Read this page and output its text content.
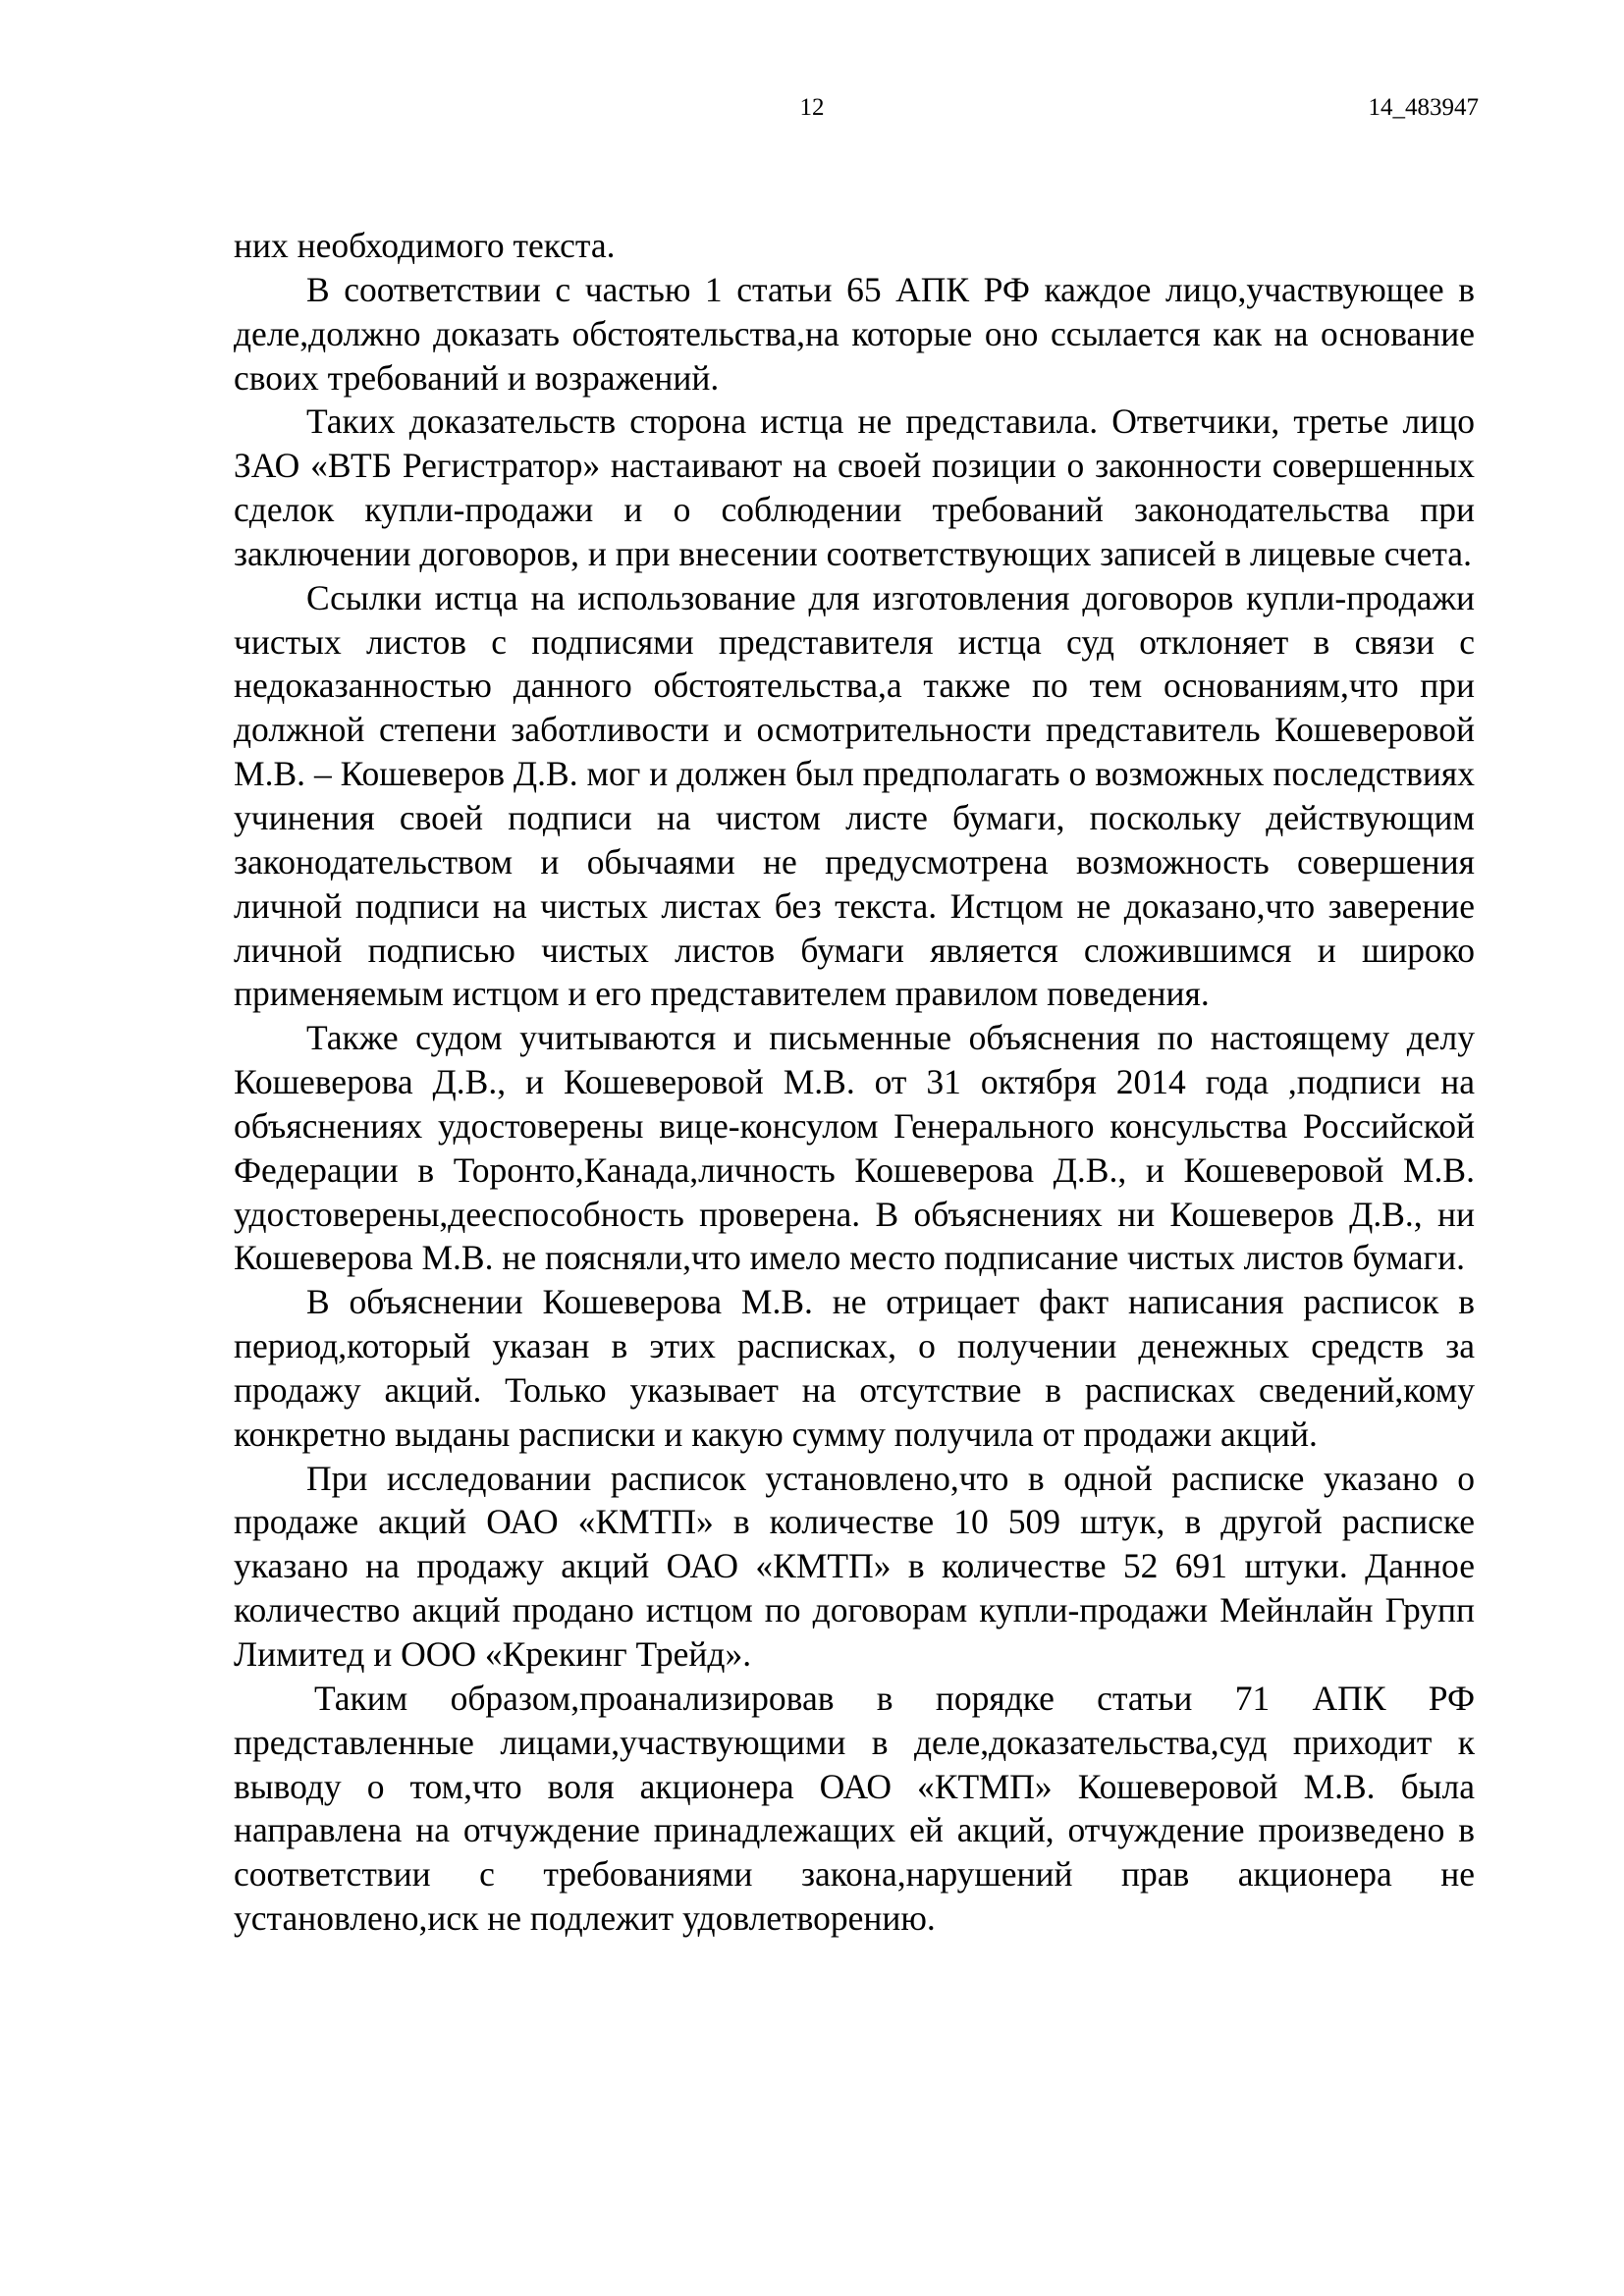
12	14_483947

них необходимого текста.

В соответствии с частью 1 статьи 65 АПК РФ каждое лицо,участвующее в деле,должно доказать обстоятельства,на которые оно ссылается как на основание своих требований и возражений.

Таких доказательств сторона истца не представила. Ответчики, третье лицо ЗАО «ВТБ Регистратор» настаивают на своей позиции о законности совершенных сделок купли-продажи и о соблюдении требований законодательства при заключении договоров, и при внесении соответствующих записей в лицевые счета.

Ссылки истца на использование для изготовления договоров купли-продажи чистых листов с подписями представителя истца суд отклоняет в связи с недоказанностью данного обстоятельства,а также по тем основаниям,что при должной степени заботливости и осмотрительности представитель Кошеверовой М.В. – Кошеверов Д.В. мог и должен был предполагать о возможных последствиях учинения своей подписи на чистом листе бумаги, поскольку действующим законодательством и обычаями не предусмотрена возможность совершения личной подписи на чистых листах без текста. Истцом не доказано,что заверение личной подписью чистых листов бумаги является сложившимся и широко применяемым истцом и его представителем правилом поведения.

Также судом учитываются и письменные объяснения по настоящему делу Кошеверова Д.В., и Кошеверовой М.В. от 31 октября 2014 года ,подписи на объяснениях удостоверены вице-консулом Генерального консульства Российской Федерации в Торонто,Канада,личность Кошеверова Д.В., и Кошеверовой М.В. удостоверены,дееспособность проверена. В объяснениях ни Кошеверов Д.В., ни Кошеверова М.В. не поясняли,что имело место подписание чистых листов бумаги.

В объяснении Кошеверова М.В. не отрицает факт написания расписок в период,который указан в этих расписках, о получении денежных средств за продажу акций. Только указывает на отсутствие в расписках сведений,кому конкретно выданы расписки и какую сумму получила от продажи акций.

При исследовании расписок установлено,что в одной расписке указано о продаже акций ОАО «КМТП» в количестве 10 509 штук, в другой расписке указано на продажу акций ОАО «КМТП» в количестве 52 691 штуки. Данное количество акций продано истцом по договорам купли-продажи Мейнлайн Групп Лимитед и ООО «Крекинг Трейд».

Таким образом,проанализировав в порядке статьи 71 АПК РФ представленные лицами,участвующими в деле,доказательства,суд приходит к выводу о том,что воля акционера ОАО «КТМП» Кошеверовой М.В. была направлена на отчуждение принадлежащих ей акций, отчуждение произведено в соответствии с требованиями закона,нарушений прав акционера не установлено,иск не подлежит удовлетворению.
